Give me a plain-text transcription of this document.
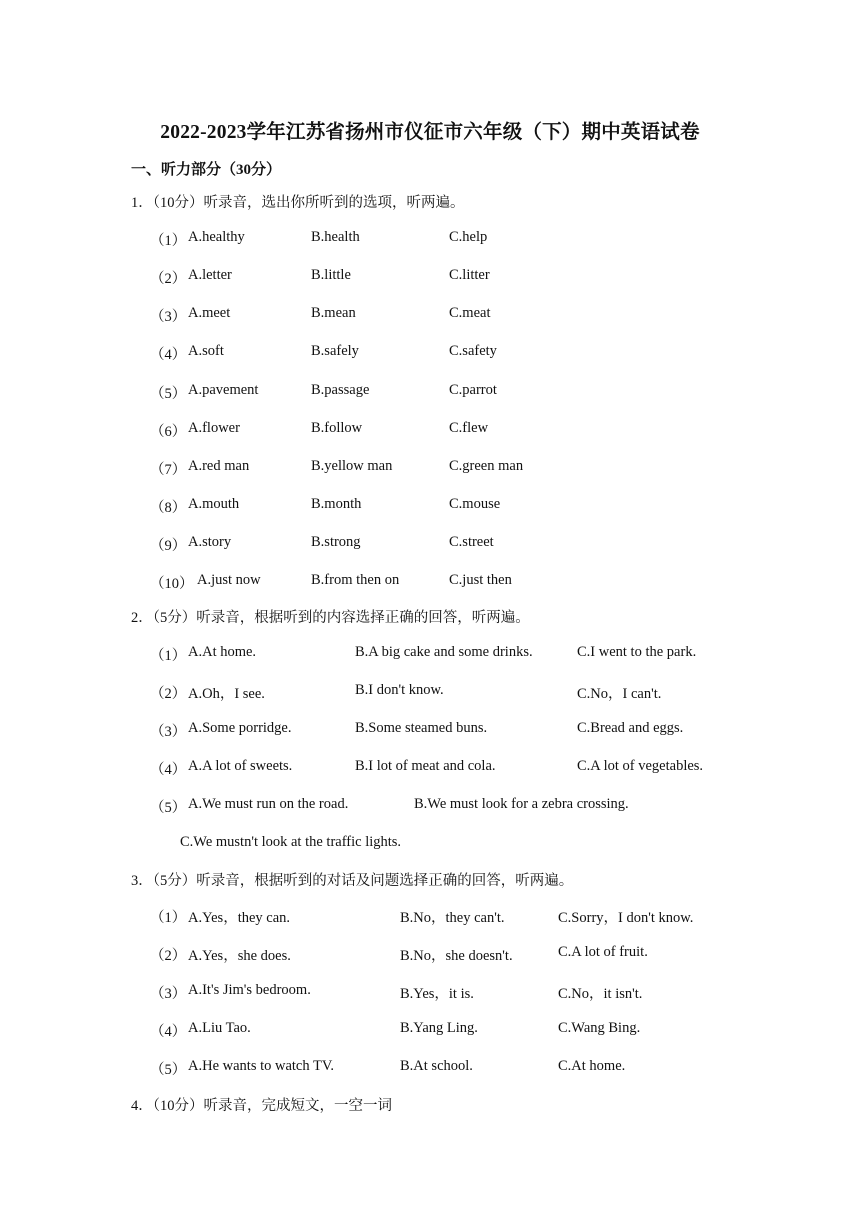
2022-2023学年江苏省扬州市仪征市六年级（下）期中英语试卷
一、听力部分（30分）
1．（10分）听录音，选出你所听到的选项，听两遍。
（1） A.healthy	B.health	C.help
（2） A.letter	B.little	C.litter
（3） A.meet	B.mean	C.meat
（4） A.soft	B.safely	C.safety
（5） A.pavement	B.passage	C.parrot
（6） A.flower	B.follow	C.flew
（7） A.red man	B.yellow man	C.green man
（8） A.mouth	B.month	C.mouse
（9） A.story	B.strong	C.street
（10） A.just now	B.from then on	C.just then
2．（5分）听录音，根据听到的内容选择正确的回答，听两遍。
（1） A.At home.	B.A big cake and some drinks.	C.I went to the park.
（2） A.Oh，I see.	B.I don't know.	C.No，I can't.
（3） A.Some porridge.	B.Some steamed buns.	C.Bread and eggs.
（4） A.A lot of sweets.	B.I lot of meat and cola.	C.A lot of vegetables.
（5） A.We must run on the road.	B.We must look for a zebra crossing.
C.We mustn't look at the traffic lights.
3．（5分）听录音，根据听到的对话及问题选择正确的回答，听两遍。
（1） A.Yes，they can.	B.No，they can't.	C.Sorry，I don't know.
（2） A.Yes，she does.	B.No，she doesn't.	C.A lot of fruit.
（3） A.It's Jim's bedroom.	B.Yes，it is.	C.No，it isn't.
（4） A.Liu Tao.	B.Yang Ling.	C.Wang Bing.
（5） A.He wants to watch TV.	B.At school.	C.At home.
4．（10分）听录音，完成短文，一空一词
